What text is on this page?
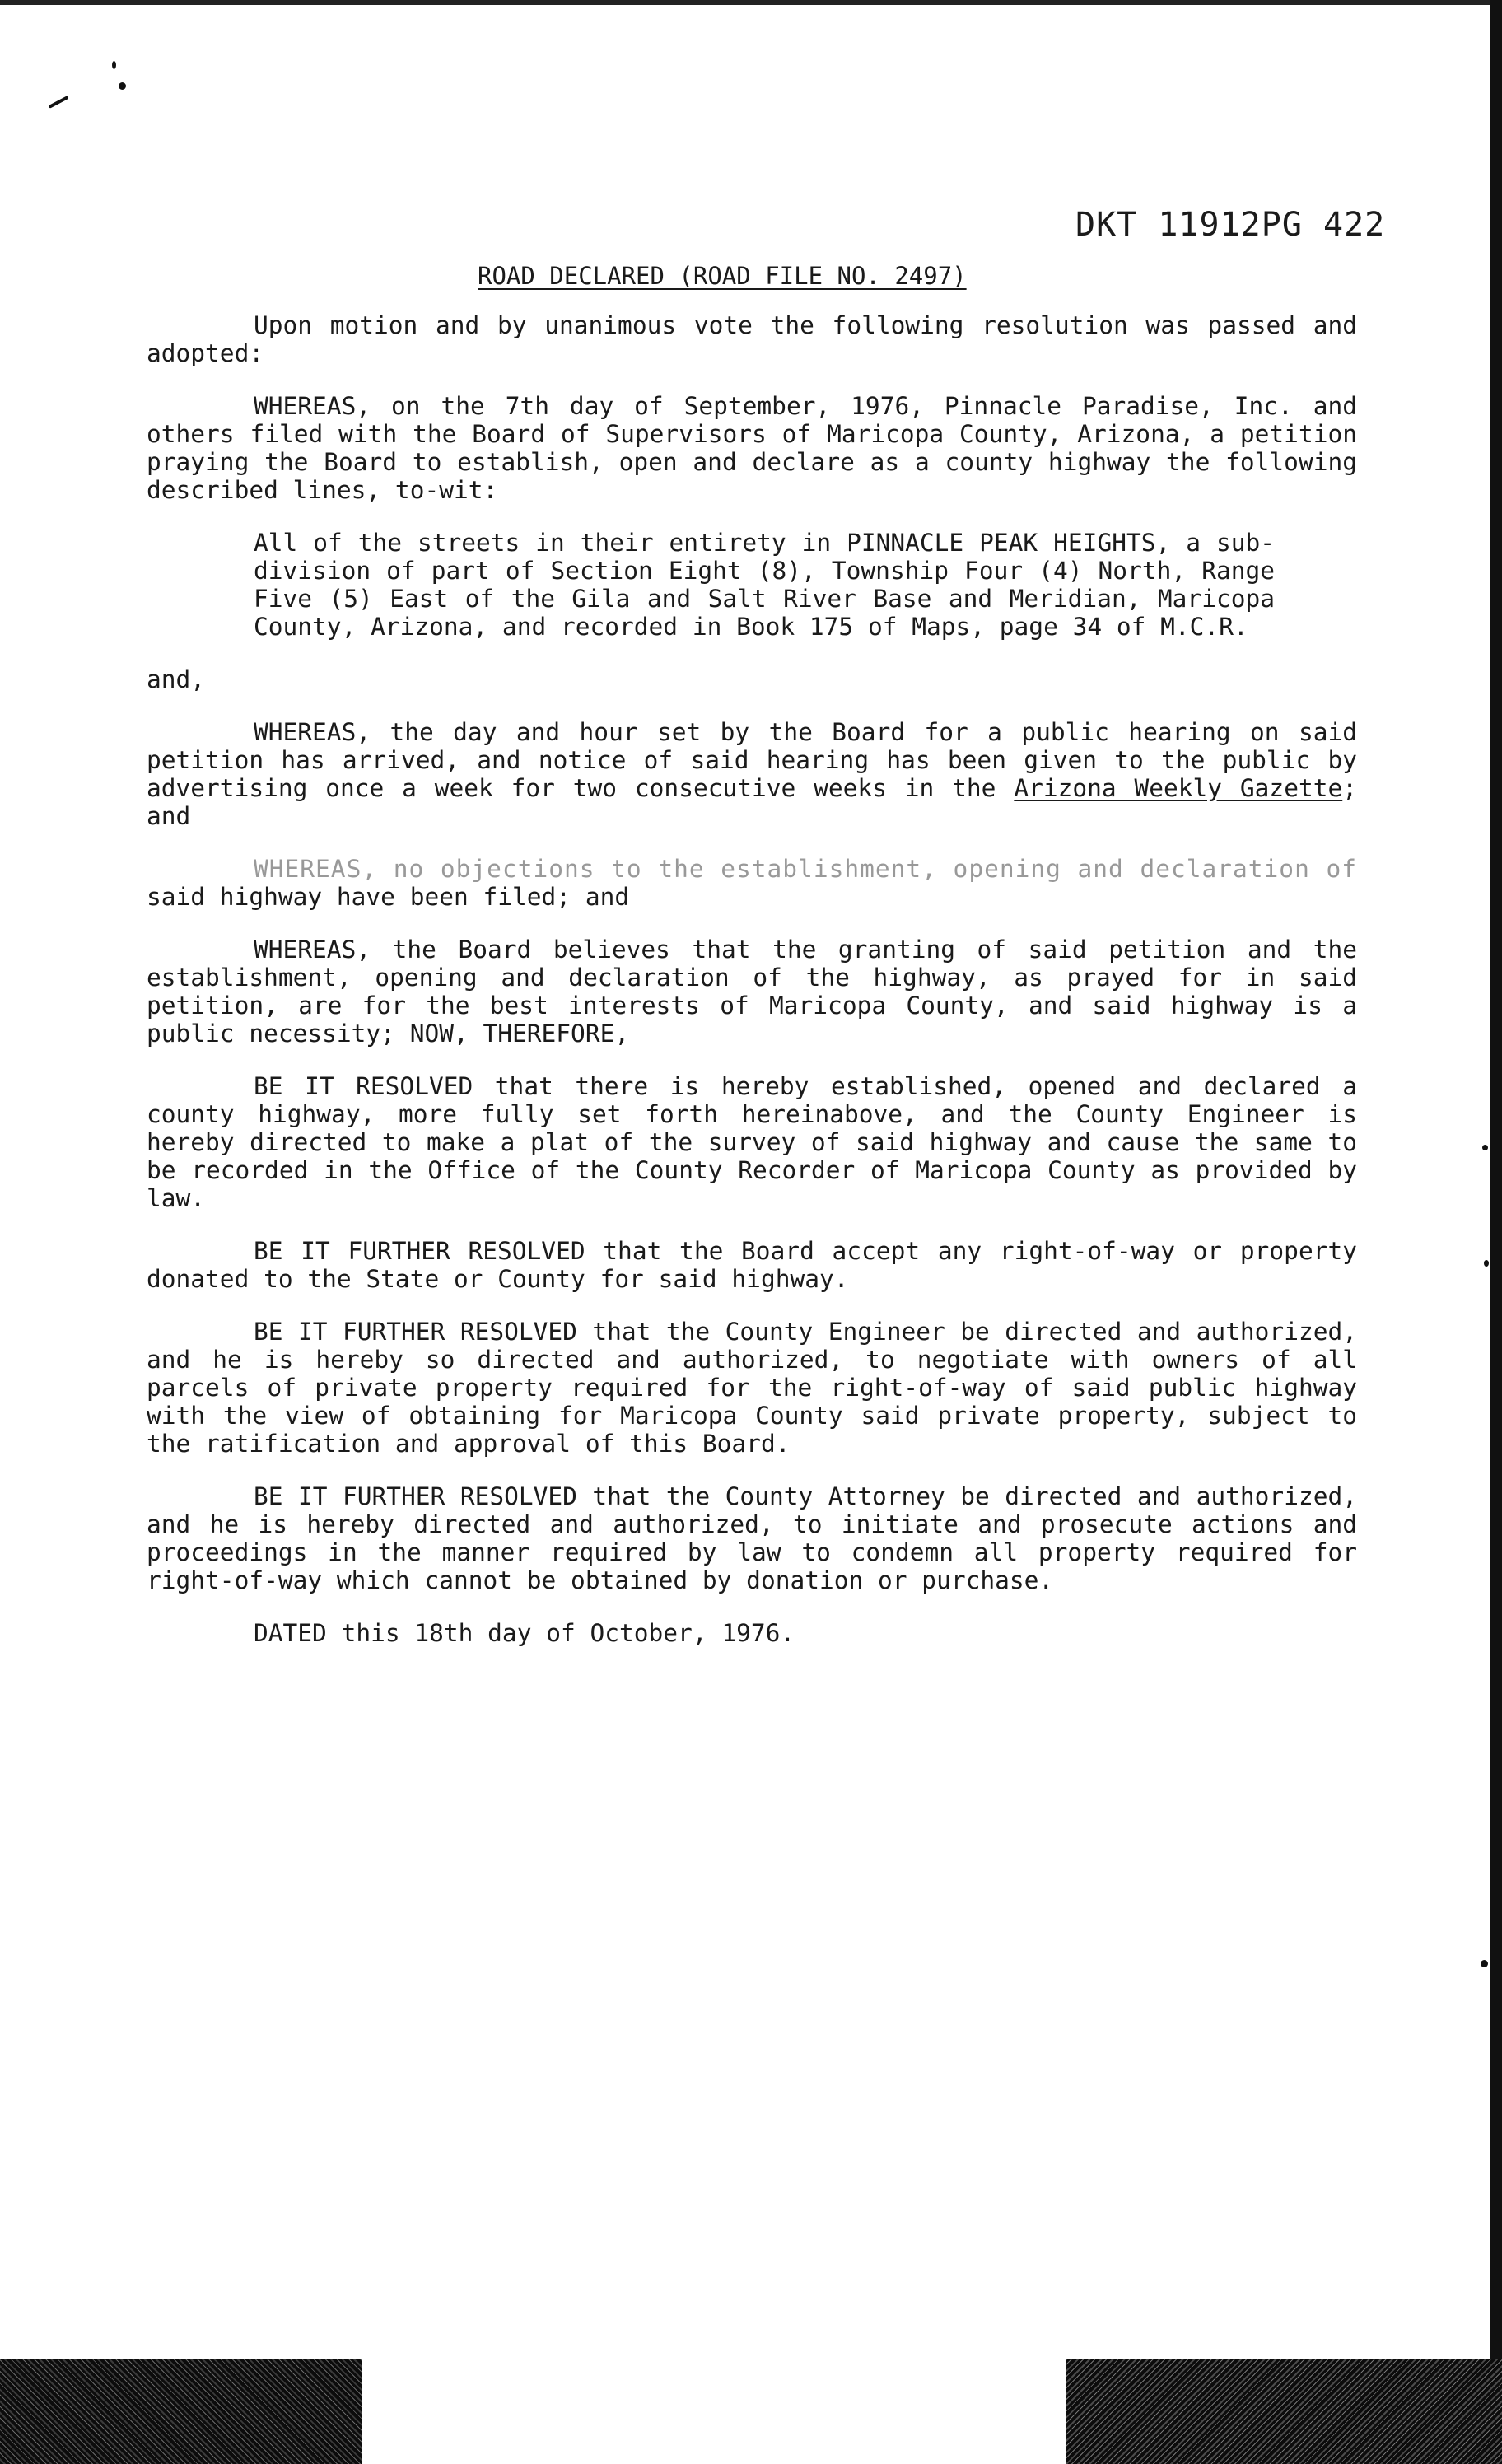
DKT 11912PG 422
ROAD DECLARED (ROAD FILE NO. 2497)

Upon motion and by unanimous vote the following resolution was passed and adopted:

WHEREAS, on the 7th day of September, 1976, Pinnacle Paradise, Inc. and others filed with the Board of Supervisors of Maricopa County, Arizona, a petition praying the Board to establish, open and declare as a county highway the following described lines, to-wit:

All of the streets in their entirety in PINNACLE PEAK HEIGHTS, a sub-division of part of Section Eight (8), Township Four (4) North, Range Five (5) East of the Gila and Salt River Base and Meridian, Maricopa County, Arizona, and recorded in Book 175 of Maps, page 34 of M.C.R.

and,

WHEREAS, the day and hour set by the Board for a public hearing on said petition has arrived, and notice of said hearing has been given to the public by advertising once a week for two consecutive weeks in the Arizona Weekly Gazette; and

WHEREAS, no objections to the establishment, opening and declaration of said highway have been filed; and

WHEREAS, the Board believes that the granting of said petition and the establishment, opening and declaration of the highway, as prayed for in said petition, are for the best interests of Maricopa County, and said highway is a public necessity; NOW, THEREFORE,

BE IT RESOLVED that there is hereby established, opened and declared a county highway, more fully set forth hereinabove, and the County Engineer is hereby directed to make a plat of the survey of said highway and cause the same to be recorded in the Office of the County Recorder of Maricopa County as provided by law.

BE IT FURTHER RESOLVED that the Board accept any right-of-way or property donated to the State or County for said highway.

BE IT FURTHER RESOLVED that the County Engineer be directed and authorized, and he is hereby so directed and authorized, to negotiate with owners of all parcels of private property required for the right-of-way of said public highway with the view of obtaining for Maricopa County said private property, subject to the ratification and approval of this Board.

BE IT FURTHER RESOLVED that the County Attorney be directed and authorized, and he is hereby directed and authorized, to initiate and prosecute actions and proceedings in the manner required by law to condemn all property required for right-of-way which cannot be obtained by donation or purchase.

DATED this 18th day of October, 1976.
